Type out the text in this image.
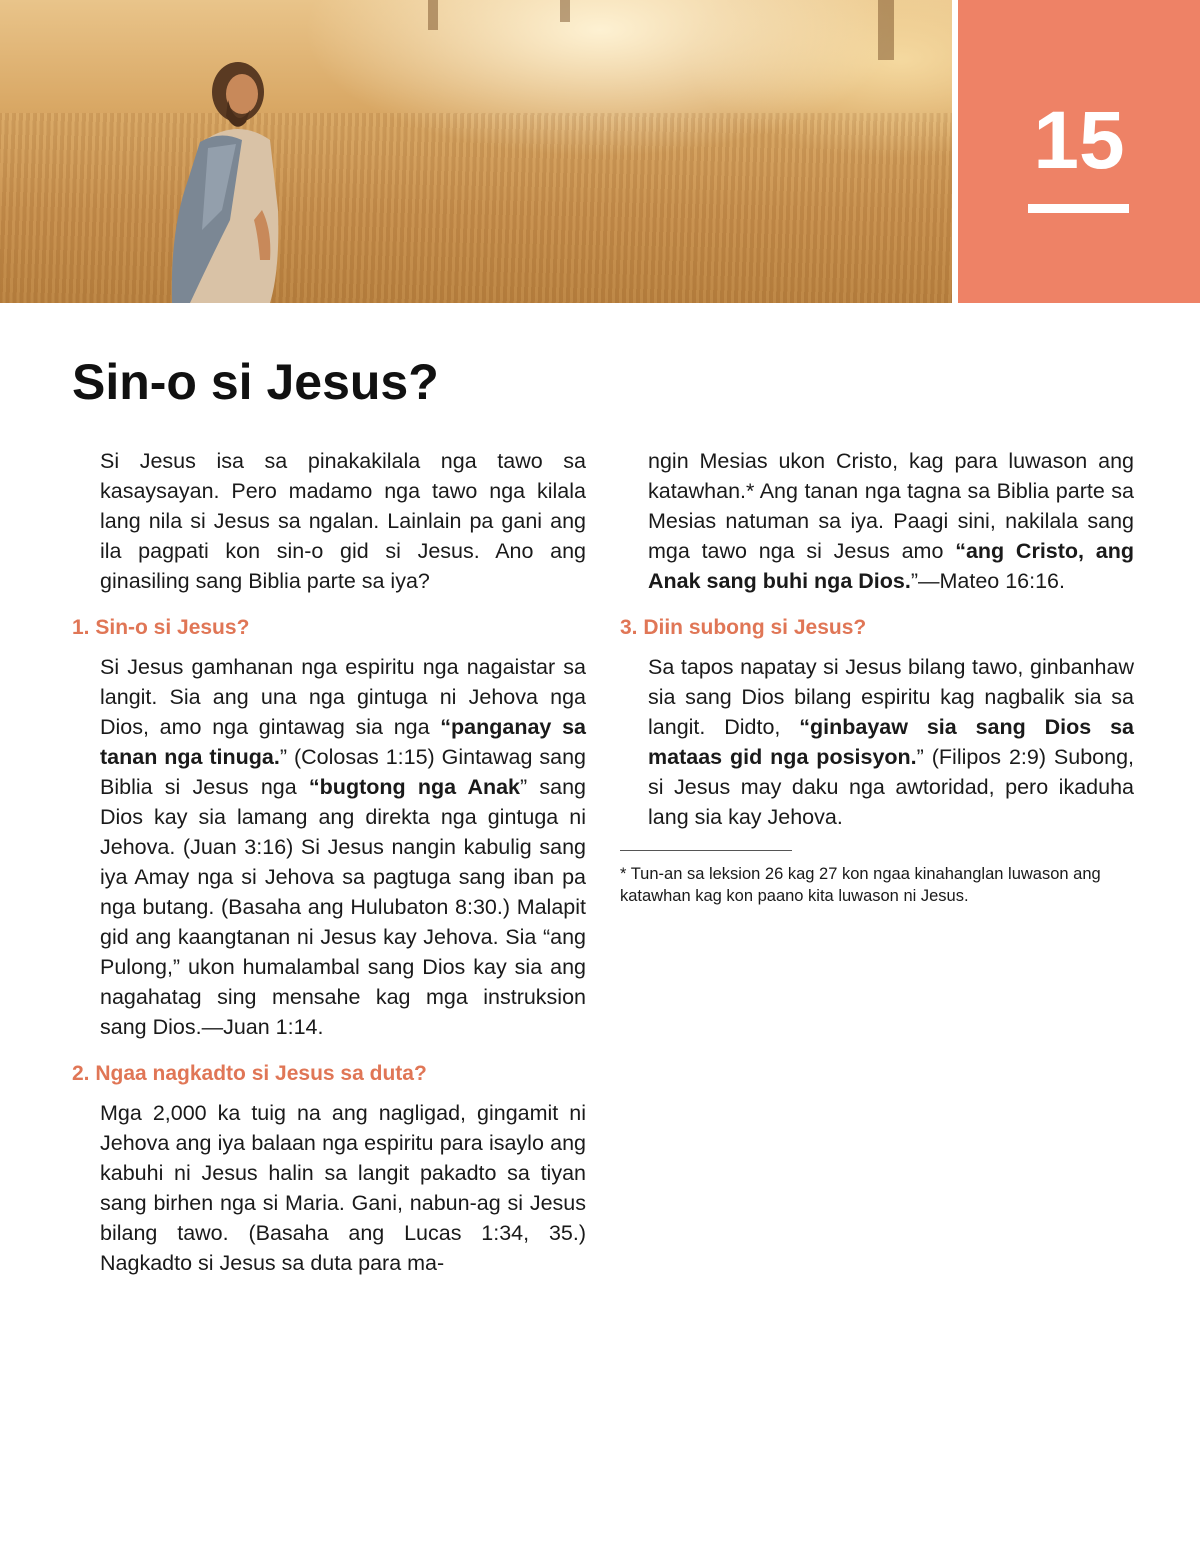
15
Sin-o si Jesus?

Si Jesus isa sa pinakakilala nga tawo sa kasaysayan. Pero madamo nga tawo nga kilala lang nila si Jesus sa ngalan. Lainlain pa gani ang ila pagpati kon sin-o gid si Jesus. Ano ang ginasiling sang Biblia parte sa iya?

1. Sin-o si Jesus?

Si Jesus gamhanan nga espiritu nga nagaistar sa langit. Sia ang una nga gintuga ni Jehova nga Dios, amo nga gintawag sia nga “panganay sa tanan nga tinuga.” (Colosas 1:15) Gintawag sang Biblia si Jesus nga “bugtong nga Anak” sang Dios kay sia lamang ang direkta nga gintuga ni Jehova. (Juan 3:16) Si Jesus nangin kabulig sang iya Amay nga si Jehova sa pagtuga sang iban pa nga butang. (Basaha ang Hulubaton 8:30.) Malapit gid ang kaangtanan ni Jesus kay Jehova. Sia “ang Pulong,” ukon humalambal sang Dios kay sia ang nagahatag sing mensahe kag mga instruksion sang Dios.—Juan 1:14.

2. Ngaa nagkadto si Jesus sa duta?

Mga 2,000 ka tuig na ang nagligad, gingamit ni Jehova ang iya balaan nga espiritu para isaylo ang kabuhi ni Jesus halin sa langit pakadto sa tiyan sang birhen nga si Maria. Gani, nabun-ag si Jesus bilang tawo. (Basaha ang Lucas 1:34, 35.) Nagkadto si Jesus sa duta para ma-

ngin Mesias ukon Cristo, kag para luwason ang katawhan.* Ang tanan nga tagna sa Biblia parte sa Mesias natuman sa iya. Paagi sini, nakilala sang mga tawo nga si Jesus amo “ang Cristo, ang Anak sang buhi nga Dios.”—Mateo 16:16.

3. Diin subong si Jesus?

Sa tapos napatay si Jesus bilang tawo, ginbanhaw sia sang Dios bilang espiritu kag nagbalik sia sa langit. Didto, “ginbayaw sia sang Dios sa mataas gid nga posisyon.” (Filipos 2:9) Subong, si Jesus may daku nga awtoridad, pero ikaduha lang sia kay Jehova.

* Tun-an sa leksion 26 kag 27 kon ngaa kinahanglan luwason ang katawhan kag kon paano kita luwason ni Jesus.
